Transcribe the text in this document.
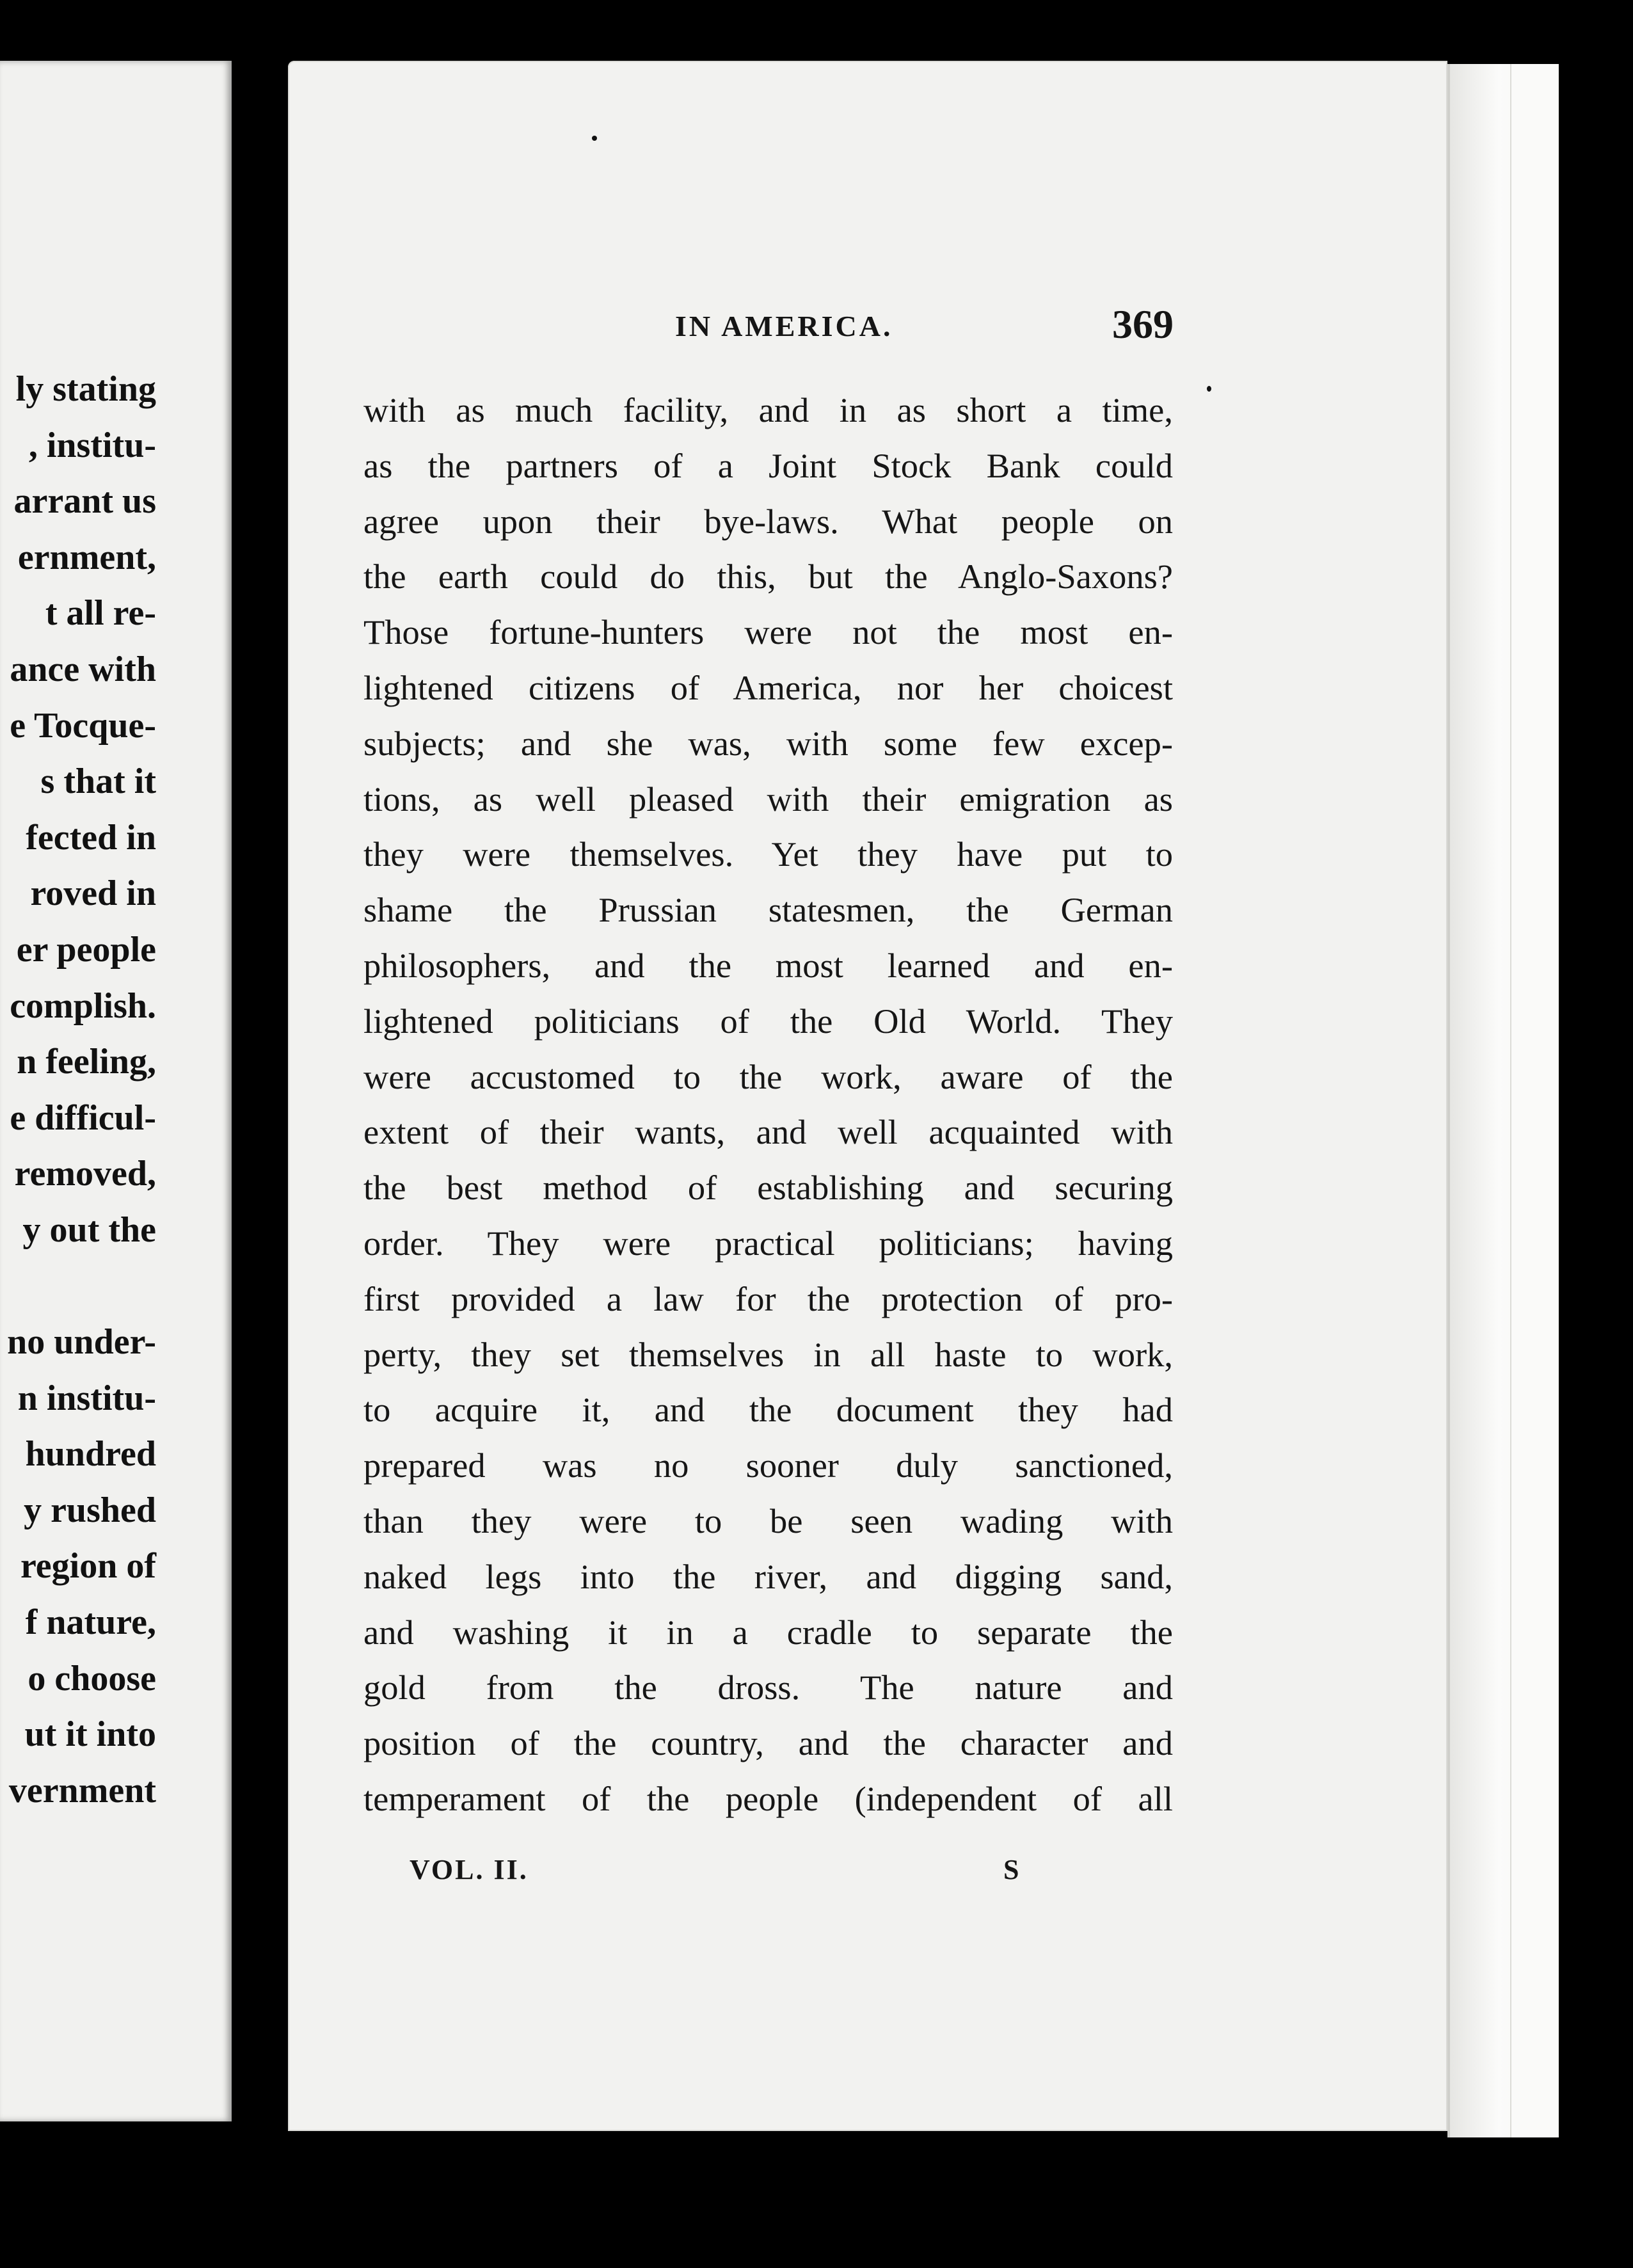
ly stating
, institu-
arrant us
ernment,
t all re-
ance with
e Tocque-
s that it
fected in
roved in
er people
complish.
n feeling,
e difficul-
removed,
y out the
no under-
n institu-
hundred
y rushed
region of
f nature,
o choose
ut it into
vernment
IN AMERICA.	369
with as much facility, and in as short a time,
as the partners of a Joint Stock Bank could
agree upon their bye-laws. What people on
the earth could do this, but the Anglo-Saxons?
Those fortune-hunters were not the most en-
lightened citizens of America, nor her choicest
subjects; and she was, with some few excep-
tions, as well pleased with their emigration as
they were themselves. Yet they have put to
shame the Prussian statesmen, the German
philosophers, and the most learned and en-
lightened politicians of the Old World. They
were accustomed to the work, aware of the
extent of their wants, and well acquainted with
the best method of establishing and securing
order. They were practical politicians; having
first provided a law for the protection of pro-
perty, they set themselves in all haste to work,
to acquire it, and the document they had
prepared was no sooner duly sanctioned,
than they were to be seen wading with
naked legs into the river, and digging sand,
and washing it in a cradle to separate the
gold from the dross. The nature and
position of the country, and the character and
temperament of the people (independent of all
VOL. II.	S
